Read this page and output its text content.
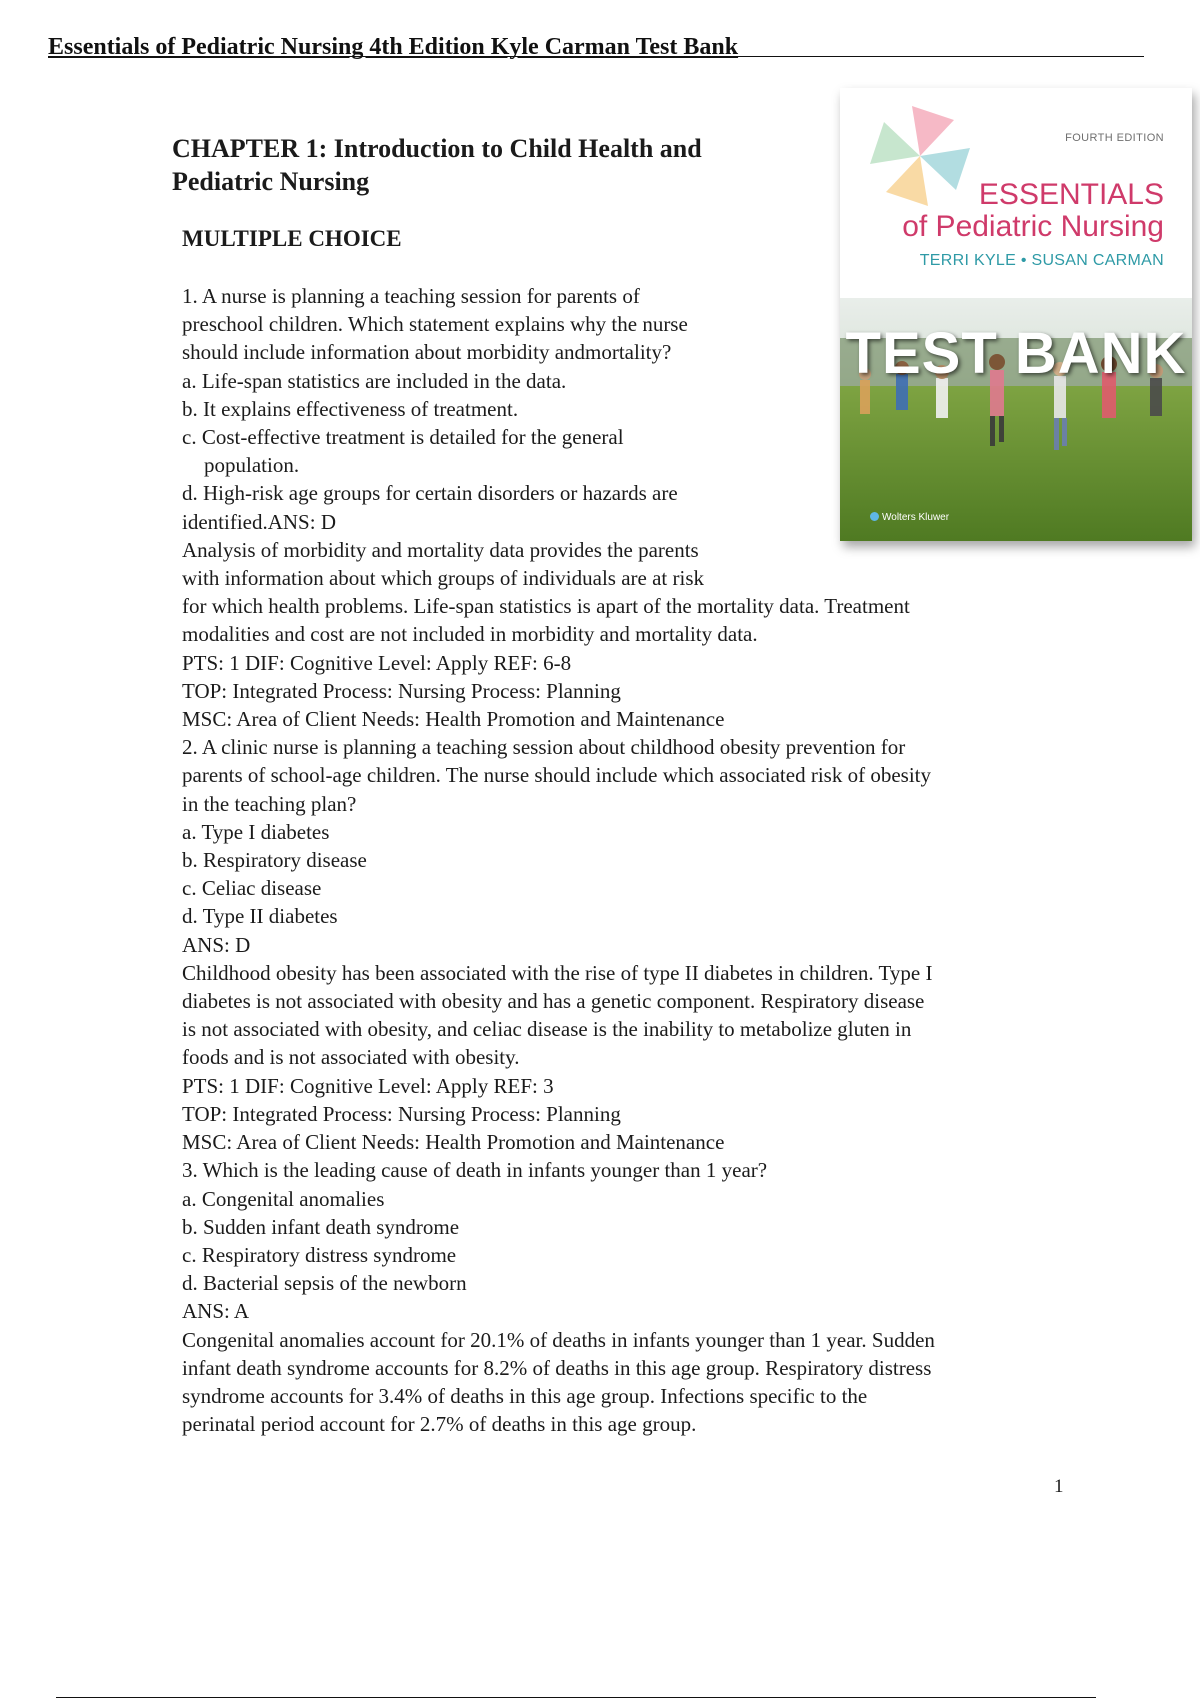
Essentials of Pediatric Nursing 4th Edition Kyle Carman Test Bank
CHAPTER 1: Introduction to Child Health and
Pediatric Nursing
MULTIPLE CHOICE
FOURTH EDITION
ESSENTIALS
of Pediatric Nursing
TERRI KYLE • SUSAN CARMAN
TEST BANK
Wolters Kluwer

1. A nurse is planning a teaching session for parents of

preschool children. Which statement explains why the nurse

should include information about morbidity andmortality?

a. Life-span statistics are included in the data.

b. It explains effectiveness of treatment.

c. Cost-effective treatment is detailed for the general

population.

d. High-risk age groups for certain disorders or hazards are

identified.ANS: D

Analysis of morbidity and mortality data provides the parents

with information about which groups of individuals are at risk

for which health problems. Life-span statistics is apart of the mortality data. Treatment

modalities and cost are not included in morbidity and mortality data.

PTS: 1 DIF: Cognitive Level: Apply REF: 6-8

TOP: Integrated Process: Nursing Process: Planning

MSC: Area of Client Needs: Health Promotion and Maintenance

2. A clinic nurse is planning a teaching session about childhood obesity prevention for

parents of school-age children. The nurse should include which associated risk of obesity

in the teaching plan?

a. Type I diabetes

b. Respiratory disease

c. Celiac disease

d. Type II diabetes

ANS: D

Childhood obesity has been associated with the rise of type II diabetes in children. Type I

diabetes is not associated with obesity and has a genetic component. Respiratory disease

is not associated with obesity, and celiac disease is the inability to metabolize gluten in

foods and is not associated with obesity.

PTS: 1 DIF: Cognitive Level: Apply REF: 3

TOP: Integrated Process: Nursing Process: Planning

MSC: Area of Client Needs: Health Promotion and Maintenance

3. Which is the leading cause of death in infants younger than 1 year?

a. Congenital anomalies

b. Sudden infant death syndrome

c. Respiratory distress syndrome

d. Bacterial sepsis of the newborn

ANS: A

Congenital anomalies account for 20.1% of deaths in infants younger than 1 year. Sudden

infant death syndrome accounts for 8.2% of deaths in this age group. Respiratory distress

syndrome accounts for 3.4% of deaths in this age group. Infections specific to the

perinatal period account for 2.7% of deaths in this age group.

1
